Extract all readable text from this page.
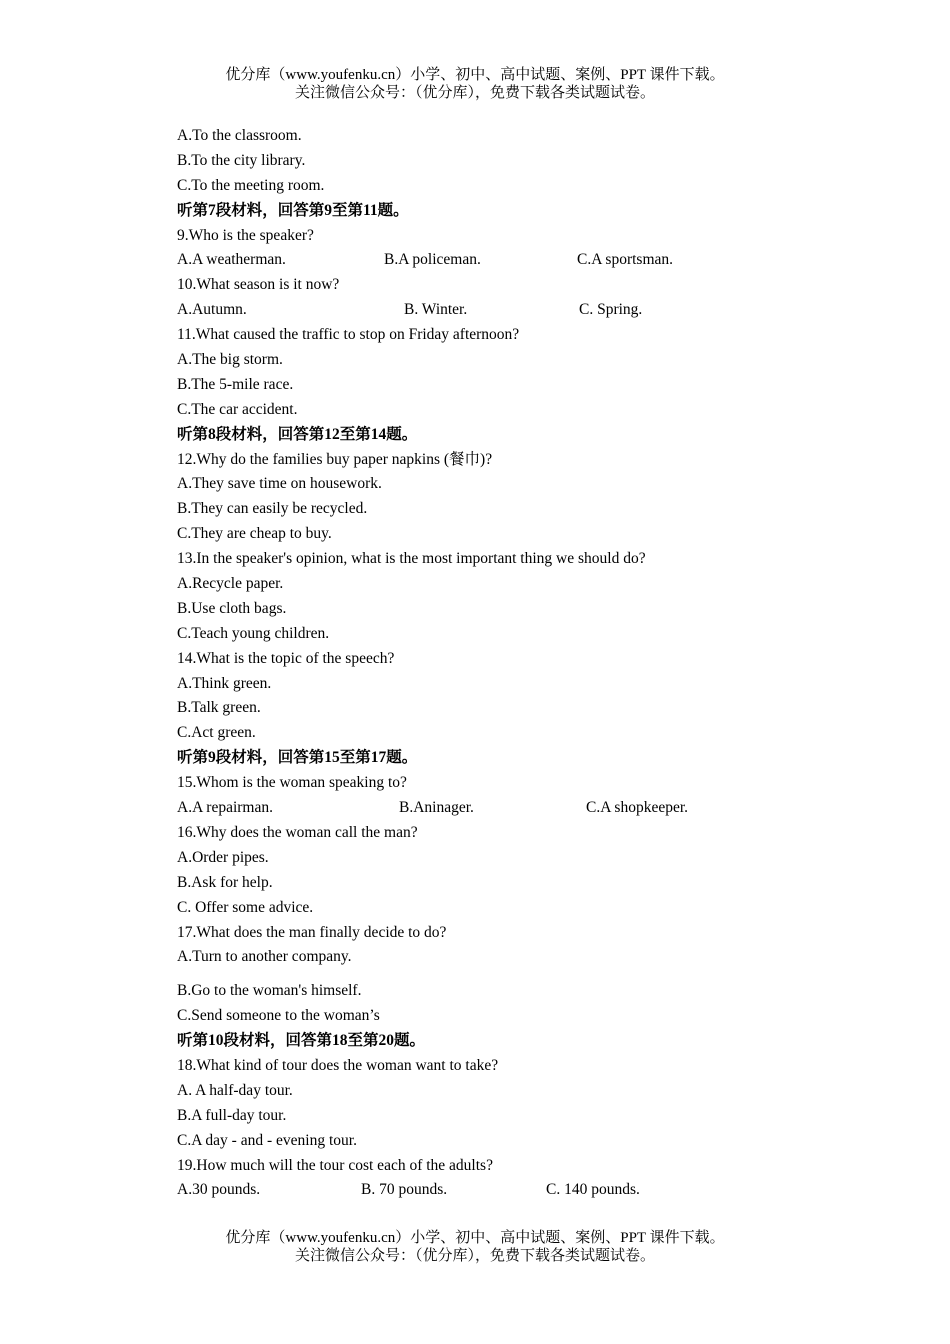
优分库（www.youfenku.cn）小学、初中、高中试题、案例、PPT 课件下载。
关注微信公众号：（优分库），免费下载各类试题试卷。
A.To the classroom.
B.To the city library.
C.To the meeting room.
听第7段材料，回答第9至第11题。
9.Who is the speaker?
A.A weatherman.	B.A policeman.	C.A sportsman.
10.What season is it now?
A.Autumn.	B. Winter.	C. Spring.
11.What caused the traffic to stop on Friday afternoon?
A.The big storm.
B.The 5-mile race.
C.The car accident.
听第8段材料，回答第12至第14题。
12.Why do the families buy paper napkins (餐巾)?
A.They save time on housework.
B.They can easily be recycled.
C.They are cheap to buy.
13.In the speaker's opinion, what is the most important thing we should do?
A.Recycle paper.
B.Use cloth bags.
C.Teach young children.
14.What is the topic of the speech?
A.Think green.
B.Talk green.
C.Act green.
听第9段材料，回答第15至第17题。
15.Whom is the woman speaking to?
A.A repairman.	B.Aninager.	C.A shopkeeper.
16.Why does the woman call the man?
A.Order pipes.
B.Ask for help.
C. Offer some advice.
17.What does the man finally decide to do?
A.Turn to another company.
B.Go to the woman's himself.
C.Send someone to the woman’s
听第10段材料，回答第18至第20题。
18.What kind of tour does the woman want to take?
A. A half-day tour.
B.A full-day tour.
C.A day - and - evening tour.
19.How much will the tour cost each of the adults?
A.30 pounds.	B. 70 pounds.	C. 140 pounds.
优分库（www.youfenku.cn）小学、初中、高中试题、案例、PPT 课件下载。
关注微信公众号：（优分库），免费下载各类试题试卷。
